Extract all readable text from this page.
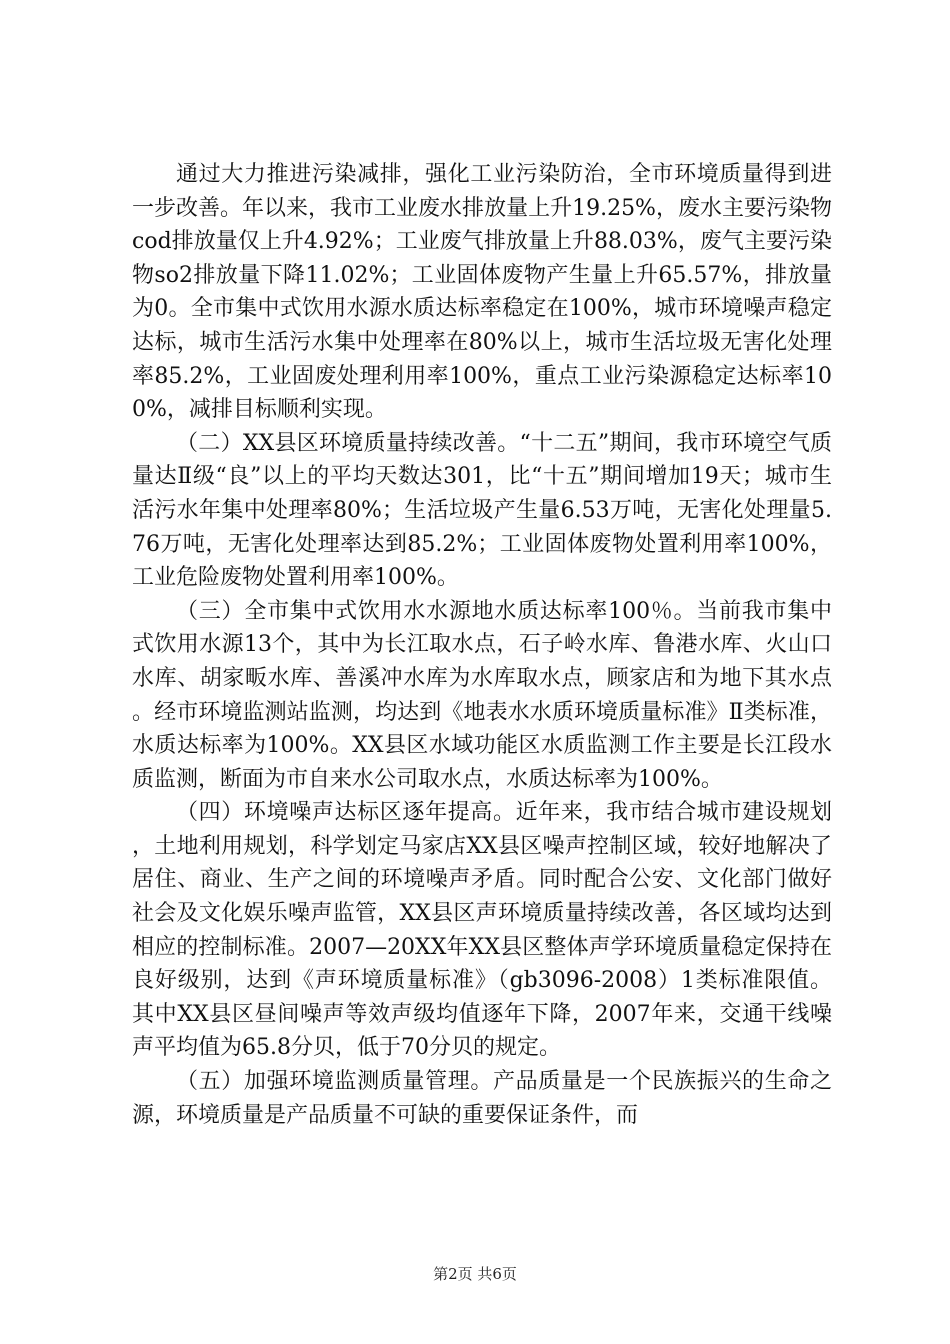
通过大力推进污染减排，强化工业污染防治，全市环境质量得到进一步改善。年以来，我市工业废水排放量上升19.25%，废水主要污染物cod排放量仅上升4.92%；工业废气排放量上升88.03%，废气主要污染物so2排放量下降11.02%；工业固体废物产生量上升65.57%，排放量为0。全市集中式饮用水源水质达标率稳定在100%，城市环境噪声稳定达标，城市生活污水集中处理率在80%以上，城市生活垃圾无害化处理率85.2%，工业固废处理利用率100%，重点工业污染源稳定达标率100%，减排目标顺利实现。

（二）XX县区环境质量持续改善。“十二五”期间，我市环境空气质量达Ⅱ级“良”以上的平均天数达301，比“十五”期间增加19天；城市生活污水年集中处理率80%；生活垃圾产生量6.53万吨，无害化处理量5.76万吨，无害化处理率达到85.2%；工业固体废物处置利用率100%，工业危险废物处置利用率100%。

（三）全市集中式饮用水水源地水质达标率100％。当前我市集中式饮用水源13个，其中为长江取水点，石子岭水库、鲁港水库、火山口水库、胡家畈水库、善溪冲水库为水库取水点，顾家店和为地下其水点。经市环境监测站监测，均达到《地表水水质环境质量标准》Ⅱ类标准，水质达标率为100%。XX县区水域功能区水质监测工作主要是长江段水质监测，断面为市自来水公司取水点，水质达标率为100%。

（四）环境噪声达标区逐年提高。近年来，我市结合城市建设规划，土地利用规划，科学划定马家店XX县区噪声控制区域，较好地解决了居住、商业、生产之间的环境噪声矛盾。同时配合公安、文化部门做好社会及文化娱乐噪声监管，XX县区声环境质量持续改善，各区域均达到相应的控制标准。2007—20XX年XX县区整体声学环境质量稳定保持在良好级别，达到《声环境质量标准》（gb3096-2008）1类标准限值。其中XX县区昼间噪声等效声级均值逐年下降，2007年来，交通干线噪声平均值为65.8分贝，低于70分贝的规定。

（五）加强环境监测质量管理。产品质量是一个民族振兴的生命之源，环境质量是产品质量不可缺的重要保证条件，而

第2页 共6页
